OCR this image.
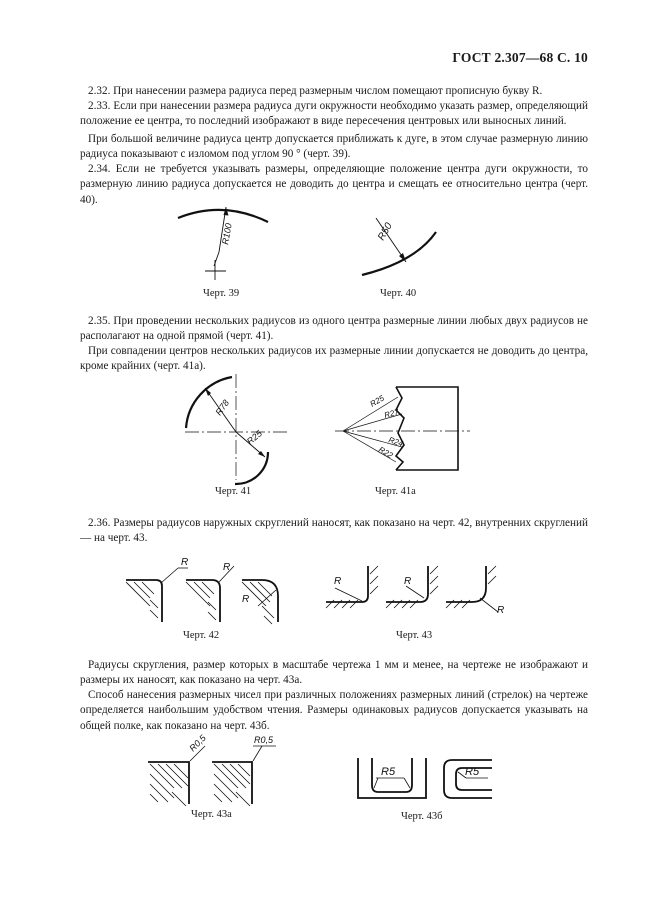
ГОСТ 2.307—68 С. 10
2.32. При нанесении размера радиуса перед размерным числом помещают прописную букву R.
2.33. Если при нанесении размера радиуса дуги окружности необходимо указать размер, определяющий положение ее центра, то последний изображают в виде пересечения центровых или выносных линий.
При большой величине радиуса центр допускается приближать к дуге, в этом случае размерную линию радиуса показывают с изломом под углом 90 ° (черт. 39).
2.34. Если не требуется указывать размеры, определяющие положение центра дуги окружности, то размерную линию радиуса допускается не доводить до центра и смещать ее относительно центра (черт. 40).
R100
Черт. 39
R50
Черт. 40
2.35. При проведении нескольких радиусов из одного центра размерные линии любых двух радиусов не располагают на одной прямой (черт. 41).
При совпадении центров нескольких радиусов их размерные линии допускается не доводить до центра, кроме крайних (черт. 41а).
R78
R25
Черт. 41
R25
R27
R24
R22
Черт. 41а
2.36. Размеры радиусов наружных скруглений наносят, как показано на черт. 42, внутренних скруглений — на черт. 43.
R	R
R
Черт. 42
R	R
R
Черт. 43
Радиусы скругления, размер которых в масштабе чертежа 1 мм и менее, на чертеже не изображают и размеры их наносят, как показано на черт. 43а.
Способ нанесения размерных чисел при различных положениях размерных линий (стрелок) на чертеже определяется наибольшим удобством чтения. Размеры одинаковых радиусов допускается указывать на общей полке, как показано на черт. 43б.
R0,5	R0,5
Черт. 43а
R5	R5
Черт. 43б
